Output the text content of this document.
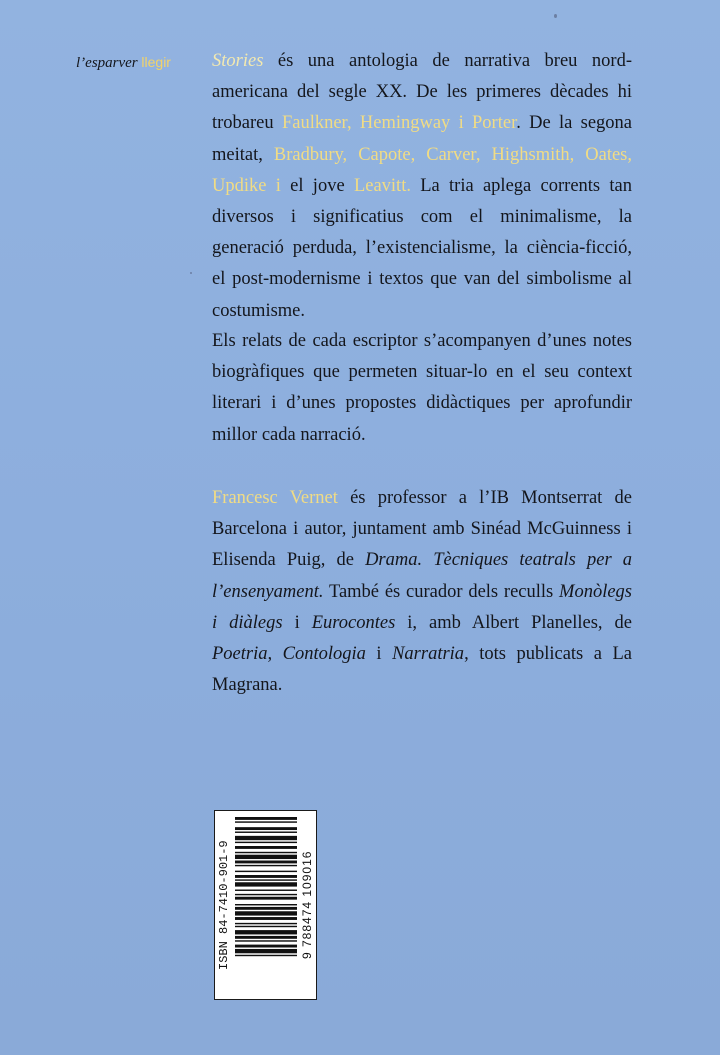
l’esparver llegir Stories és una antologia de narrativa breu nord-americana del segle XX. De les primeres dècades hi trobareu Faulkner, Hemingway i Porter. De la segona meitat, Bradbury, Capote, Carver, Highsmith, Oates, Updike i el jove Leavitt. La tria aplega corrents tan diversos i significatius com el minimalisme, la generació perduda, l’existencialisme, la ciència-ficció, el post-modernisme i textos que van del simbolisme al costumisme.

Els relats de cada escriptor s’acompanyen d’unes notes biogràfiques que permeten situar-lo en el seu context literari i d’unes propostes didàctiques per aprofundir millor cada narració.

Francesc Vernet és professor a l’IB Montserrat de Barcelona i autor, juntament amb Sinéad McGuinness i Elisenda Puig, de Drama. Tècniques teatrals per a l’ensenyament. També és curador dels reculls Monòlegs i diàlegs i Eurocontes i, amb Albert Planelles, de Poetria, Contologia i Narratria, tots publicats a La Magrana.

ISBN 84-7410-901-9	9 788474 109016
